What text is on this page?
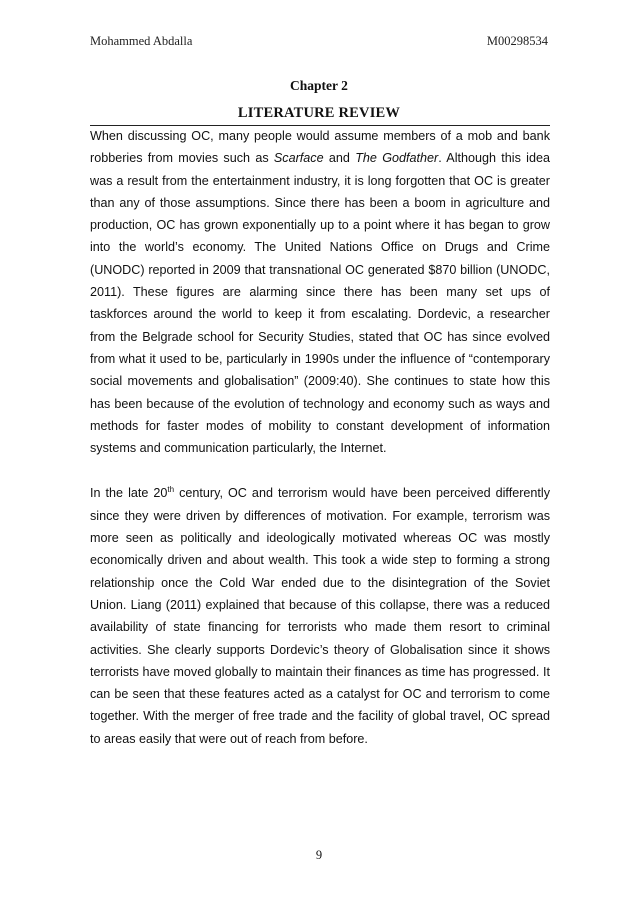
Mohammed Abdalla	M00298534
Chapter 2
LITERATURE REVIEW

When discussing OC, many people would assume members of a mob and bank robberies from movies such as Scarface and The Godfather. Although this idea was a result from the entertainment industry, it is long forgotten that OC is greater than any of those assumptions. Since there has been a boom in agriculture and production, OC has grown exponentially up to a point where it has began to grow into the world’s economy. The United Nations Office on Drugs and Crime (UNODC) reported in 2009 that transnational OC generated $870 billion (UNODC, 2011). These figures are alarming since there has been many set ups of taskforces around the world to keep it from escalating. Dordevic, a researcher from the Belgrade school for Security Studies, stated that OC has since evolved from what it used to be, particularly in 1990s under the influence of “contemporary social movements and globalisation” (2009:40). She continues to state how this has been because of the evolution of technology and economy such as ways and methods for faster modes of mobility to constant development of information systems and communication particularly, the Internet.

In the late 20th century, OC and terrorism would have been perceived differently since they were driven by differences of motivation. For example, terrorism was more seen as politically and ideologically motivated whereas OC was mostly economically driven and about wealth. This took a wide step to forming a strong relationship once the Cold War ended due to the disintegration of the Soviet Union. Liang (2011) explained that because of this collapse, there was a reduced availability of state financing for terrorists who made them resort to criminal activities. She clearly supports Dordevic’s theory of Globalisation since it shows terrorists have moved globally to maintain their finances as time has progressed. It can be seen that these features acted as a catalyst for OC and terrorism to come together. With the merger of free trade and the facility of global travel, OC spread to areas easily that were out of reach from before.

9
